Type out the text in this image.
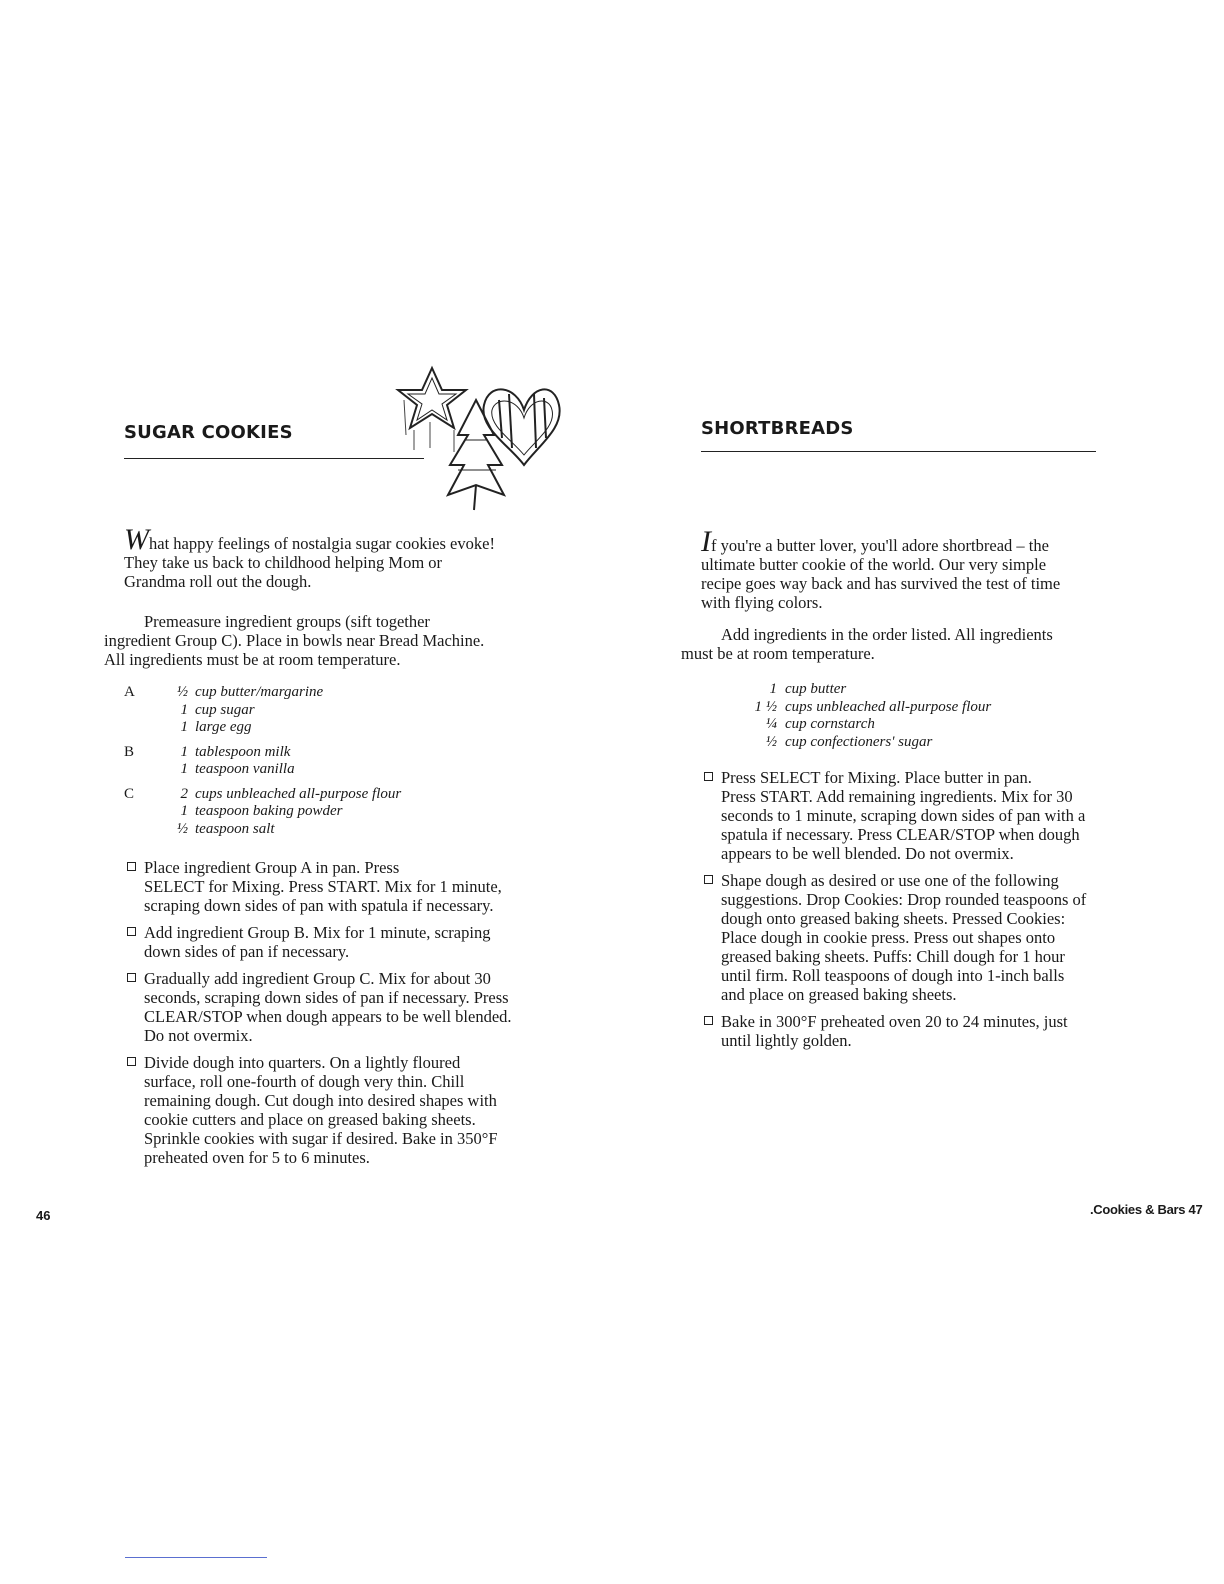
SUGAR COOKIES

What happy feelings of nostalgia sugar cookies evoke!
They take us back to childhood helping Mom or
Grandma roll out the dough.

Premeasure ingredient groups (sift together
ingredient Group C). Place in bowls near Bread Machine.
All ingredients must be at room temperature.

A	½ cup butter/margarine
1 cup sugar
1 large egg
B	1 tablespoon milk
1 teaspoon vanilla
C	2 cups unbleached all-purpose flour
1 teaspoon baking powder
½ teaspoon salt
Place ingredient Group A in pan. Press
SELECT for Mixing. Press START. Mix for 1 minute,
scraping down sides of pan with spatula if necessary.
Add ingredient Group B. Mix for 1 minute, scraping
down sides of pan if necessary.
Gradually add ingredient Group C. Mix for about 30
seconds, scraping down sides of pan if necessary. Press
CLEAR/STOP when dough appears to be well blended.
Do not overmix.
Divide dough into quarters. On a lightly floured
surface, roll one-fourth of dough very thin. Chill
remaining dough. Cut dough into desired shapes with
cookie cutters and place on greased baking sheets.
Sprinkle cookies with sugar if desired. Bake in 350°F
preheated oven for 5 to 6 minutes.
46
SHORTBREADS

If you're a butter lover, you'll adore shortbread – the
ultimate butter cookie of the world. Our very simple
recipe goes way back and has survived the test of time
with flying colors.

Add ingredients in the order listed. All ingredients
must be at room temperature.

1 cup butter
1 ½ cups unbleached all-purpose flour
¼ cup cornstarch
½ cup confectioners' sugar
Press SELECT for Mixing. Place butter in pan.
Press START. Add remaining ingredients. Mix for 30
seconds to 1 minute, scraping down sides of pan with a
spatula if necessary. Press CLEAR/STOP when dough
appears to be well blended. Do not overmix.
Shape dough as desired or use one of the following
suggestions. Drop Cookies: Drop rounded teaspoons of
dough onto greased baking sheets. Pressed Cookies:
Place dough in cookie press. Press out shapes onto
greased baking sheets. Puffs: Chill dough for 1 hour
until firm. Roll teaspoons of dough into 1-inch balls
and place on greased baking sheets.
Bake in 300°F preheated oven 20 to 24 minutes, just
until lightly golden.
.Cookies & Bars 47
